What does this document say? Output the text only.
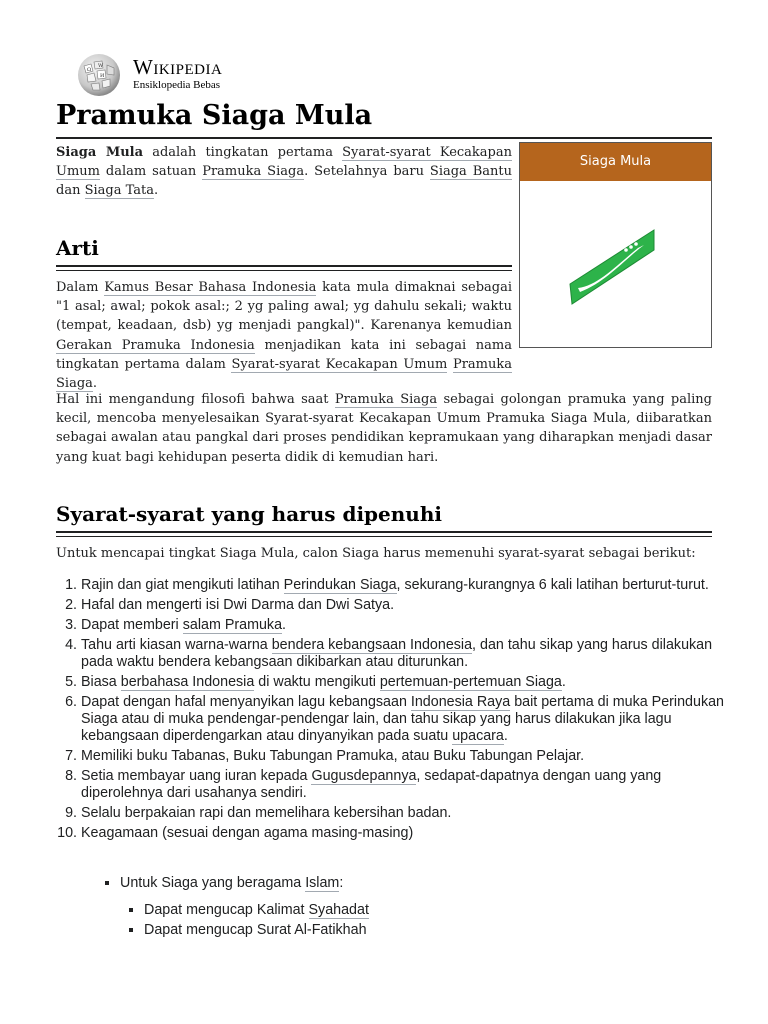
Ω
W
И Wikipedia
Ensiklopedia Bebas
Pramuka Siaga Mula

Siaga Mula adalah tingkatan pertama Syarat-syarat Kecakapan Umum dalam satuan Pramuka Siaga. Setelahnya baru Siaga Bantu dan Siaga Tata.

Siaga Mula
Arti

Dalam Kamus Besar Bahasa Indonesia kata mula dimaknai sebagai "1 asal; awal; pokok asal:; 2 yg paling awal; yg dahulu sekali; waktu (tempat, keadaan, dsb) yg menjadi pangkal)". Karenanya kemudian Gerakan Pramuka Indonesia menjadikan kata ini sebagai nama tingkatan pertama dalam Syarat-syarat Kecakapan Umum Pramuka Siaga.

Hal ini mengandung filosofi bahwa saat Pramuka Siaga sebagai golongan pramuka yang paling kecil, mencoba menyelesaikan Syarat-syarat Kecakapan Umum Pramuka Siaga Mula, diibaratkan sebagai awalan atau pangkal dari proses pendidikan kepramukaan yang diharapkan menjadi dasar yang kuat bagi kehidupan peserta didik di kemudian hari.

Syarat-syarat yang harus dipenuhi

Untuk mencapai tingkat Siaga Mula, calon Siaga harus memenuhi syarat-syarat sebagai berikut:

1. Rajin dan giat mengikuti latihan Perindukan Siaga, sekurang-kurangnya 6 kali latihan berturut-turut.
2. Hafal dan mengerti isi Dwi Darma dan Dwi Satya.
3. Dapat memberi salam Pramuka.
4. Tahu arti kiasan warna-warna bendera kebangsaan Indonesia, dan tahu sikap yang harus dilakukan pada waktu bendera kebangsaan dikibarkan atau diturunkan.
5. Biasa berbahasa Indonesia di waktu mengikuti pertemuan-pertemuan Siaga.
6. Dapat dengan hafal menyanyikan lagu kebangsaan Indonesia Raya bait pertama di muka Perindukan Siaga atau di muka pendengar-pendengar lain, dan tahu sikap yang harus dilakukan jika lagu kebangsaan diperdengarkan atau dinyanyikan pada suatu upacara.
7. Memiliki buku Tabanas, Buku Tabungan Pramuka, atau Buku Tabungan Pelajar.
8. Setia membayar uang iuran kepada Gugusdepannya, sedapat-dapatnya dengan uang yang diperolehnya dari usahanya sendiri.
9. Selalu berpakaian rapi dan memelihara kebersihan badan.
10. Keagamaan (sesuai dengan agama masing-masing)
▪ Untuk Siaga yang beragama Islam:
▪ Dapat mengucap Kalimat Syahadat
▪ Dapat mengucap Surat Al-Fatikhah
